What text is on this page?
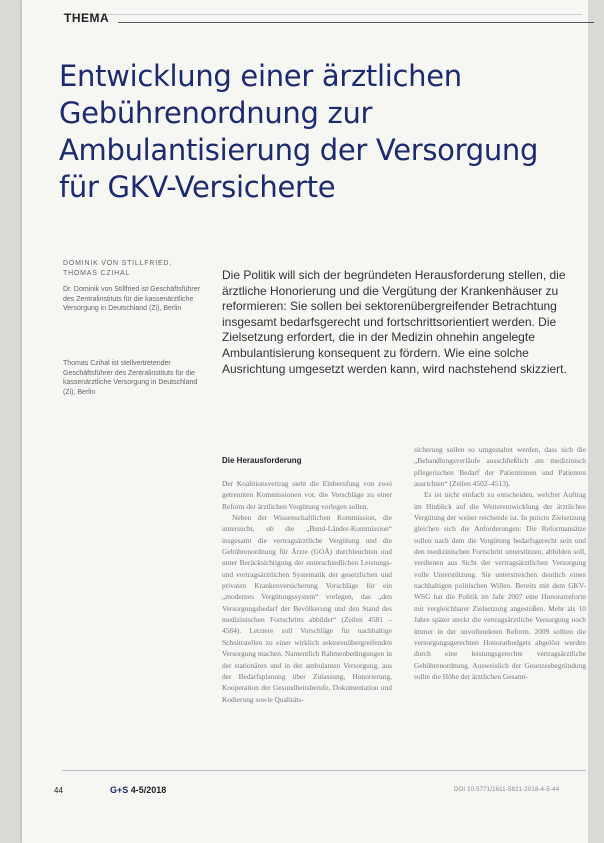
THEMA
Entwicklung einer ärztlichen
Gebührenordnung zur
Ambulantisierung der Versorgung
für GKV-Versicherte
DOMINIK VON STILLFRIED,
THOMAS CZIHAL
Dr. Dominik von Stillfried ist Geschäftsführer des Zentralinstituts für die kassenärztliche Versorgung in Deutschland (Zi), Berlin
Thomas Czihal ist stellvertretender Geschäftsführer des Zentralinstituts für die kassenärztliche Versorgung in Deutschland (Zi), Berlin
Die Politik will sich der begründeten Herausforderung stellen, die ärztliche Honorierung und die Vergütung der Krankenhäuser zu reformieren: Sie sollen bei sektorenübergreifender Betrachtung insgesamt bedarfsgerecht und fortschrittsorientiert werden. Die Zielsetzung erfordert, die in der Medizin ohnehin angelegte Ambulantisierung konsequent zu fördern. Wie eine solche Ausrichtung umgesetzt werden kann, wird nachstehend skizziert.
Die Herausforderung

Der Koalitionsvertrag sieht die Einberufung von zwei getrennten Kommissionen vor, die Vorschläge zu einer Reform der ärztlichen Vergütung vorlegen sollen.

Neben der Wissenschaftlichen Kommission, die untersucht, ob die „Bund-Länder-Kommission“ insgesamt die vertragsärztliche Vergütung und die Gebührenordnung für Ärzte (GOÄ) durchleuchten und unter Berücksichtigung der unterschiedlichen Leistungs- und vertragsärztlichen Systematik der gesetzlichen und privaten Krankenversicherung Vorschläge für ein „modernes Vergütungssystem“ vorlegen, das „den Versorgungsbedarf der Bevölkerung und den Stand des medizinischen Fortschritts abbildet“ (Zeilen 4581 – 4584). Letztere soll Vorschläge für nachhaltige Schnittstellen zu einer wirklich sektorenübergreifenden Versorgung machen. Namentlich Rahmenbedingungen in der stationären und in der ambulanten Versorgung, aus der Bedarfsplanung über Zulassung, Honorierung, Kooperation der Gesundheitsberufe, Dokumentation und Kodierung sowie Qualitäts-

sicherung sollen so umgestaltet werden, dass sich die „Behandlungsverläufe ausschließlich am medizinisch pflegerischen Bedarf der Patientinnen und Patienten ausrichten“ (Zeilen 4502–4513).

Es ist nicht einfach zu entscheiden, welcher Auftrag im Hinblick auf die Weiterentwicklung der ärztlichen Vergütung der weiter reichende ist. In puncto Zielsetzung gleichen sich die Anforderungen: Die Reformansätze sollen nach dem die Vergütung bedarfsgerecht sein und den medizinischen Fortschritt unterstützen, abbilden soll, verdienen aus Sicht der vertragsärztlichen Versorgung volle Unterstützung. Sie unterstreichen deutlich einen nachhaltigen politischen Willen. Bereits mit dem GKV-WSG hat die Politik im Jahr 2007 eine Honorarreform mit vergleichbarer Zielsetzung angestoßen. Mehr als 10 Jahre später steckt die vertragsärztliche Versorgung noch immer in der unvollendeten Reform. 2009 sollten die versorgungsgerechten Honorarbudgets abgelöst werden durch eine leistungsgerechte vertragsärztliche Gebührenordnung. Ausweislich der Gesetzesbegründung sollte die Höhe der ärztlichen Gesamt-

44	G+S 4-5/2018	DOI 10.5771/1611-5821-2018-4-5-44
